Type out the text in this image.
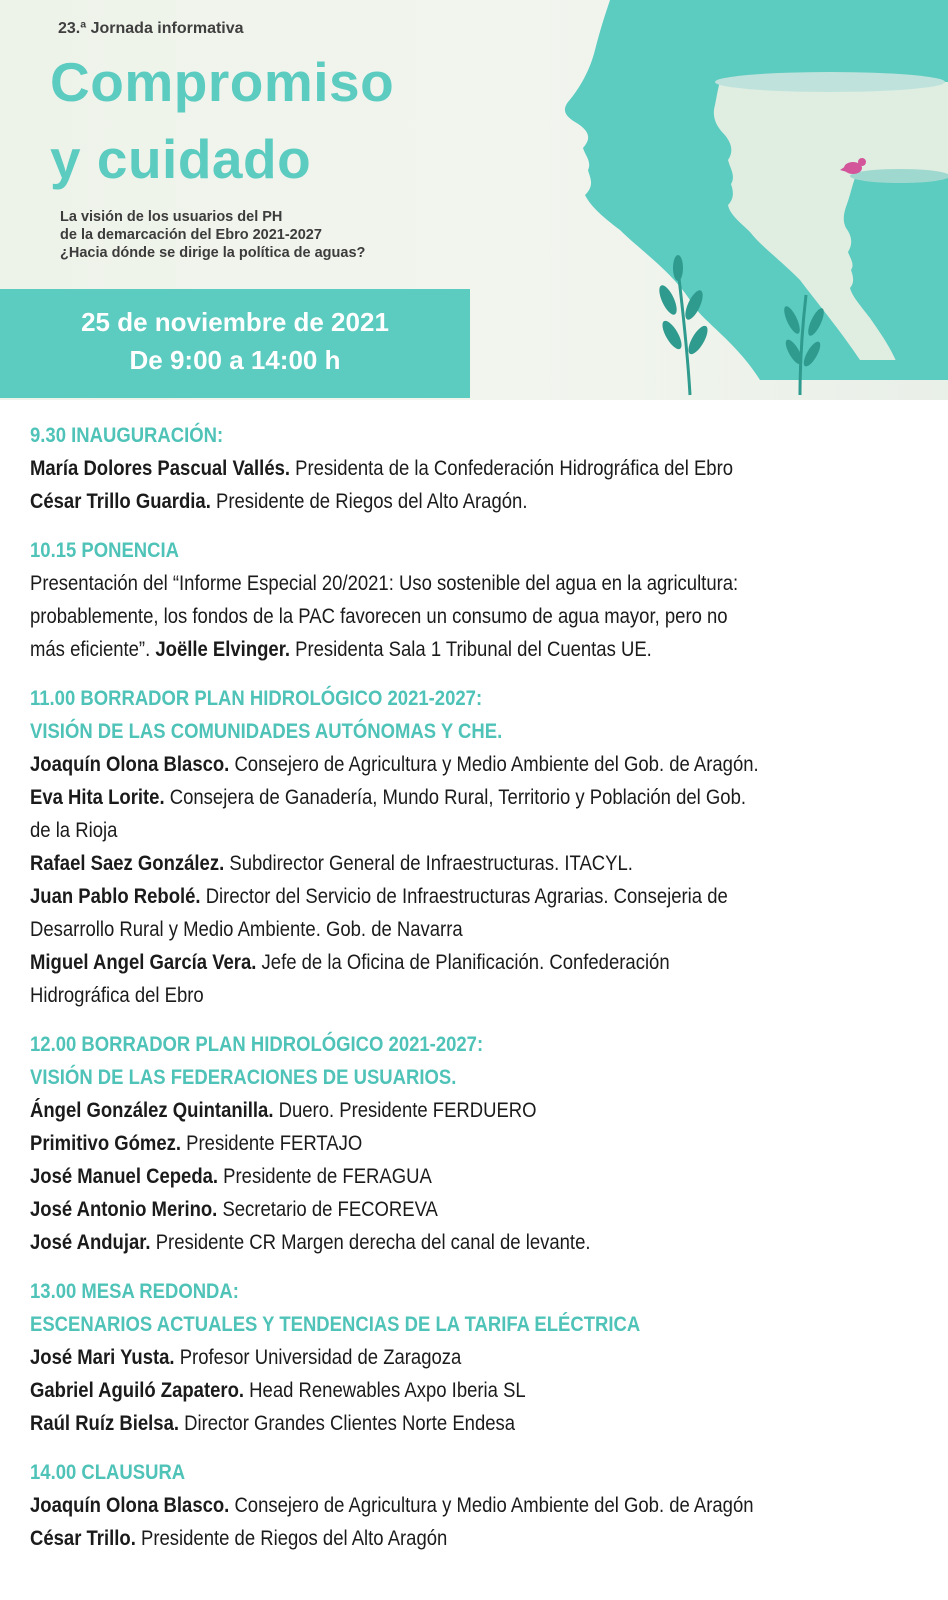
23.ª Jornada informativa
Compromiso
y cuidado
La visión de los usuarios del PH
de la demarcación del Ebro 2021-2027
¿Hacia dónde se dirige la política de aguas?
25 de noviembre de 2021
De 9:00 a 14:00 h
9.30 INAUGURACIÓN:
María Dolores Pascual Vallés. Presidenta de la Confederación Hidrográfica del Ebro
César Trillo Guardia. Presidente de Riegos del Alto Aragón.
10.15 PONENCIA
Presentación del “Informe Especial 20/2021: Uso sostenible del agua en la agricultura:
probablemente, los fondos de la PAC favorecen un consumo de agua mayor, pero no
más eficiente”. Joëlle Elvinger. Presidenta Sala 1 Tribunal del Cuentas UE.
11.00 BORRADOR PLAN HIDROLÓGICO 2021-2027:
VISIÓN DE LAS COMUNIDADES AUTÓNOMAS Y CHE.
Joaquín Olona Blasco. Consejero de Agricultura y Medio Ambiente del Gob. de Aragón.
Eva Hita Lorite. Consejera de Ganadería, Mundo Rural, Territorio y Población del Gob.
de la Rioja
Rafael Saez González. Subdirector General de Infraestructuras. ITACYL.
Juan Pablo Rebolé. Director del Servicio de Infraestructuras Agrarias. Consejeria de
Desarrollo Rural y Medio Ambiente. Gob. de Navarra
Miguel Angel García Vera. Jefe de la Oficina de Planificación. Confederación
Hidrográfica del Ebro
12.00 BORRADOR PLAN HIDROLÓGICO 2021-2027:
VISIÓN DE LAS FEDERACIONES DE USUARIOS.
Ángel González Quintanilla. Duero. Presidente FERDUERO
Primitivo Gómez. Presidente FERTAJO
José Manuel Cepeda. Presidente de FERAGUA
José Antonio Merino. Secretario de FECOREVA
José Andujar. Presidente CR Margen derecha del canal de levante.
13.00 MESA REDONDA:
ESCENARIOS ACTUALES Y TENDENCIAS DE LA TARIFA ELÉCTRICA
José Mari Yusta. Profesor Universidad de Zaragoza
Gabriel Aguiló Zapatero. Head Renewables Axpo Iberia SL
Raúl Ruíz Bielsa. Director Grandes Clientes Norte Endesa
14.00 CLAUSURA
Joaquín Olona Blasco. Consejero de Agricultura y Medio Ambiente del Gob. de Aragón
César Trillo. Presidente de Riegos del Alto Aragón
